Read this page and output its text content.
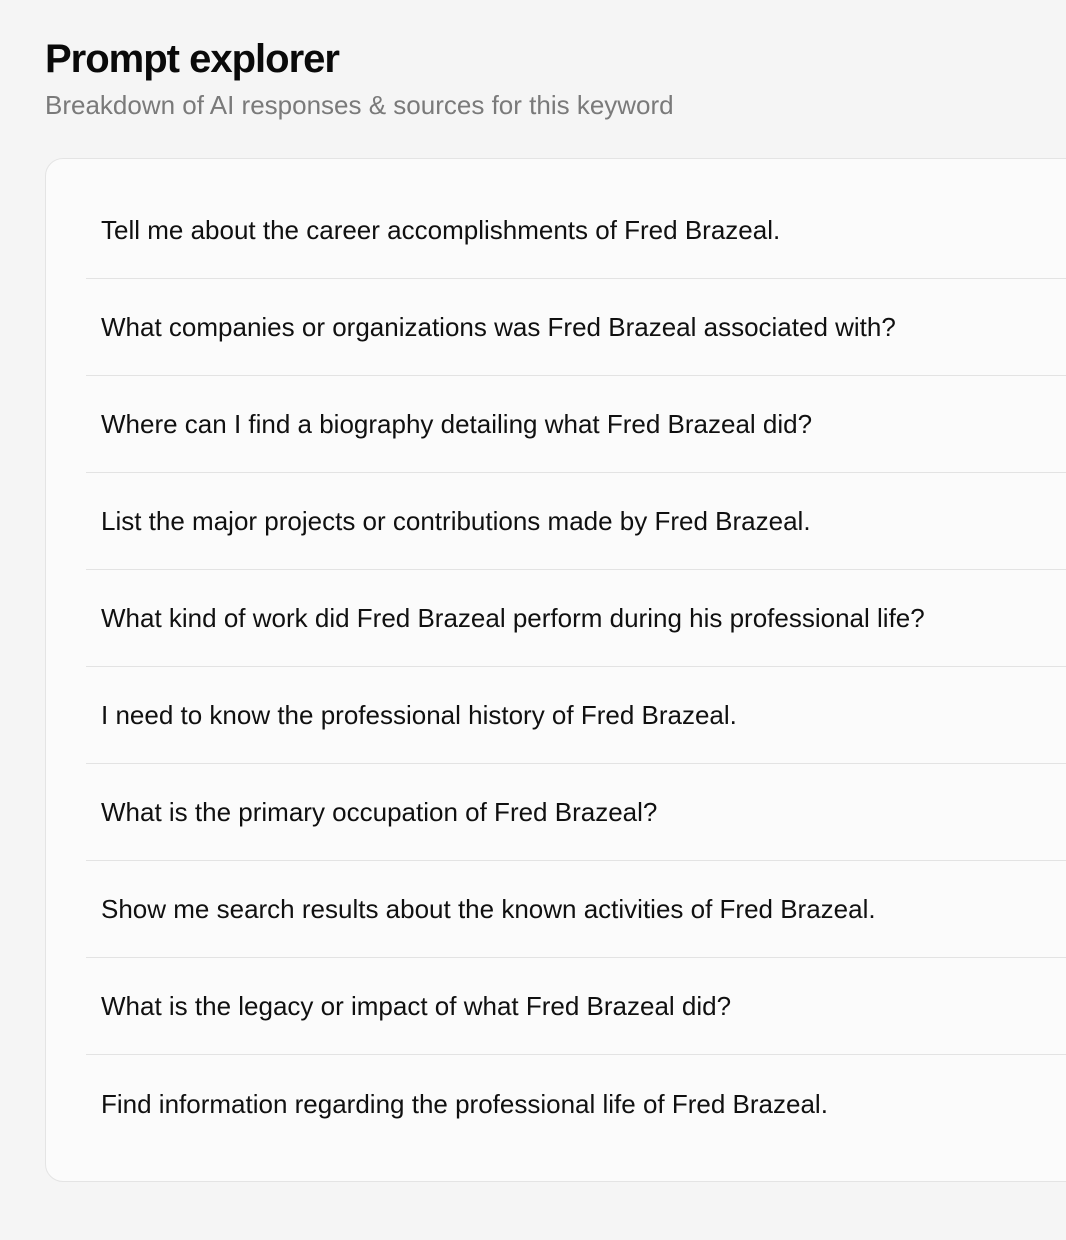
Prompt explorer

Breakdown of AI responses & sources for this keyword

Tell me about the career accomplishments of Fred Brazeal.
What companies or organizations was Fred Brazeal associated with?
Where can I find a biography detailing what Fred Brazeal did?
List the major projects or contributions made by Fred Brazeal.
What kind of work did Fred Brazeal perform during his professional life?
I need to know the professional history of Fred Brazeal.
What is the primary occupation of Fred Brazeal?
Show me search results about the known activities of Fred Brazeal.
What is the legacy or impact of what Fred Brazeal did?
Find information regarding the professional life of Fred Brazeal.
